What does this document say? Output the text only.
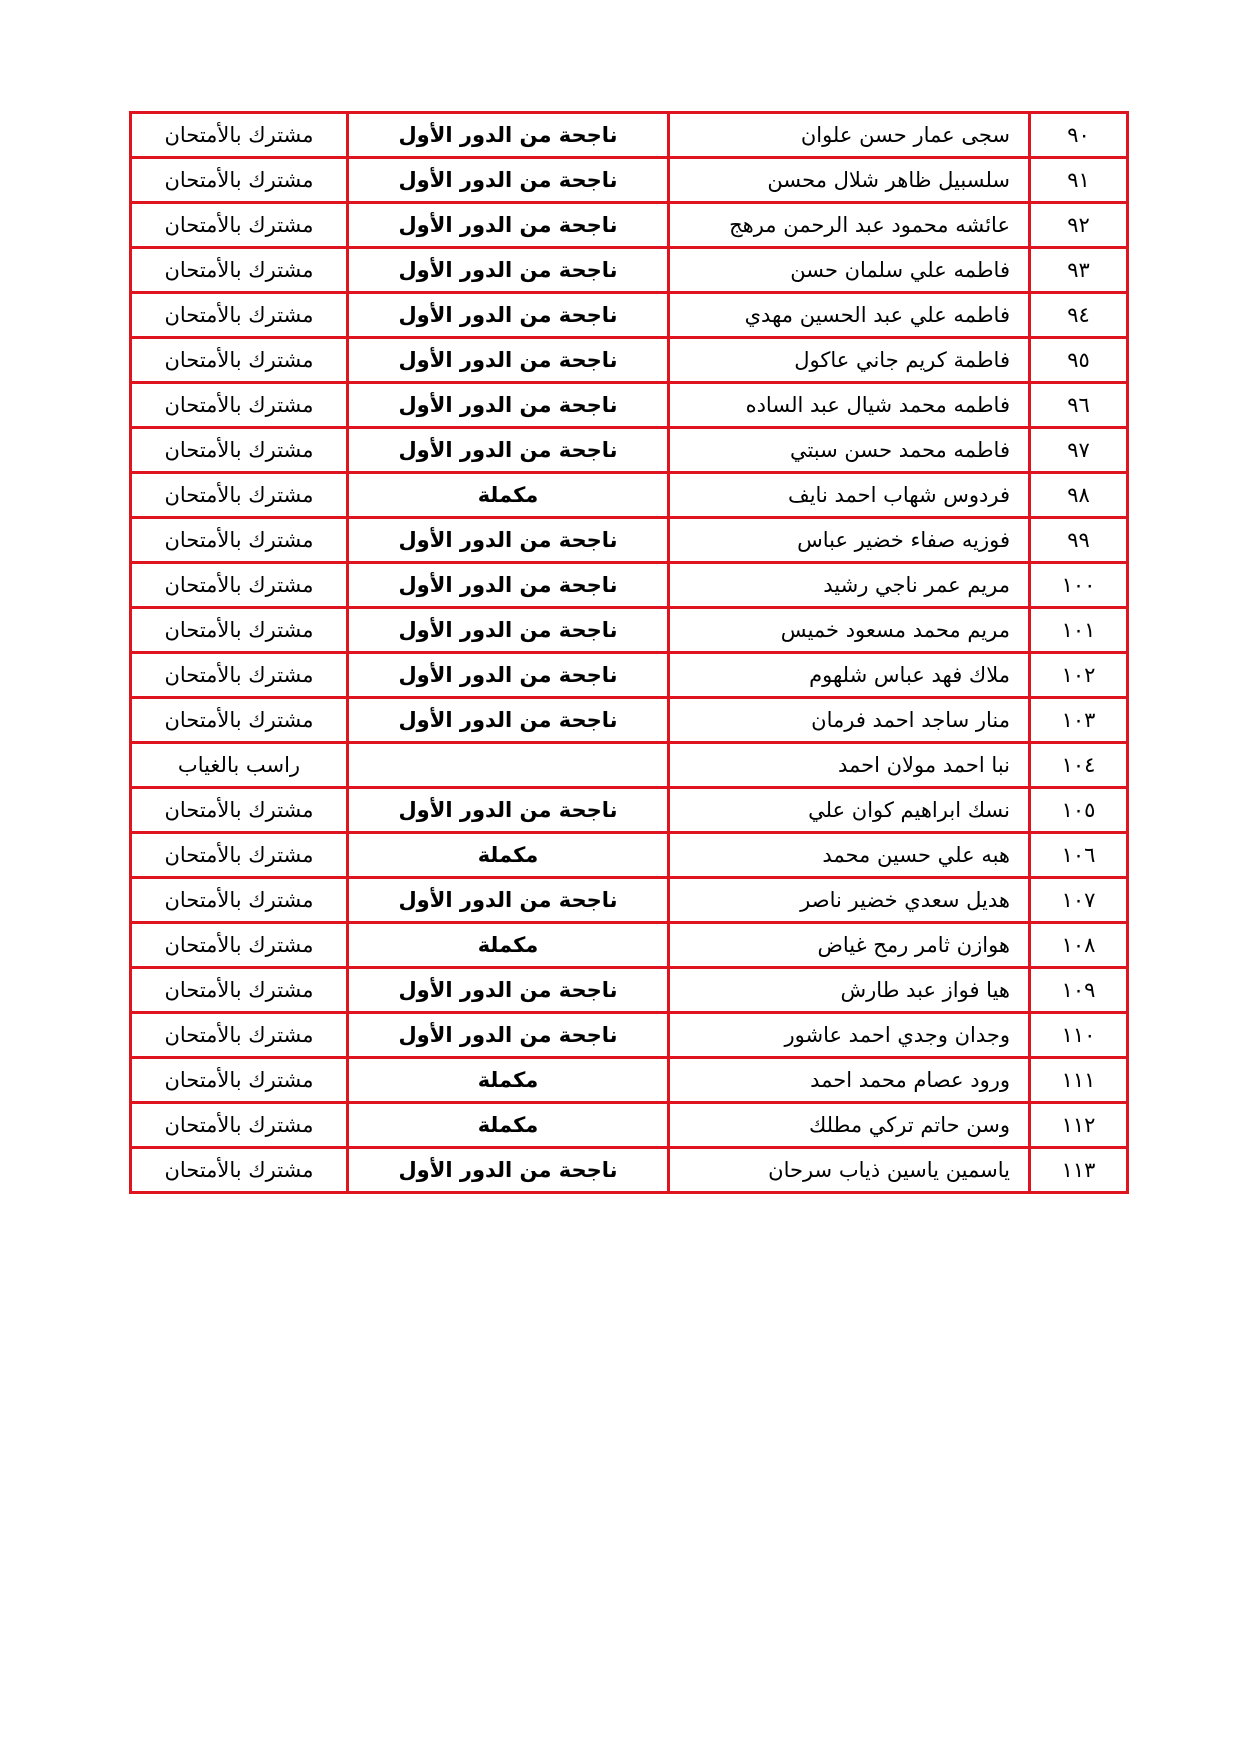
٩٠	سجى عمار حسن علوان	ناجحة من الدور الأول	مشترك بالأمتحان
٩١	سلسبيل ظاهر شلال محسن	ناجحة من الدور الأول	مشترك بالأمتحان
٩٢	عائشه محمود عبد الرحمن مرهج	ناجحة من الدور الأول	مشترك بالأمتحان
٩٣	فاطمه علي سلمان حسن	ناجحة من الدور الأول	مشترك بالأمتحان
٩٤	فاطمه علي عبد الحسين مهدي	ناجحة من الدور الأول	مشترك بالأمتحان
٩٥	فاطمة كريم جاني عاكول	ناجحة من الدور الأول	مشترك بالأمتحان
٩٦	فاطمه محمد شيال عبد الساده	ناجحة من الدور الأول	مشترك بالأمتحان
٩٧	فاطمه محمد حسن سبتي	ناجحة من الدور الأول	مشترك بالأمتحان
٩٨	فردوس شهاب احمد نايف	مكملة	مشترك بالأمتحان
٩٩	فوزيه صفاء خضير عباس	ناجحة من الدور الأول	مشترك بالأمتحان
١٠٠	مريم عمر ناجي رشيد	ناجحة من الدور الأول	مشترك بالأمتحان
١٠١	مريم محمد مسعود خميس	ناجحة من الدور الأول	مشترك بالأمتحان
١٠٢	ملاك فهد عباس شلهوم	ناجحة من الدور الأول	مشترك بالأمتحان
١٠٣	منار ساجد احمد فرمان	ناجحة من الدور الأول	مشترك بالأمتحان
١٠٤	نبا احمد مولان احمد		راسب بالغياب
١٠٥	نسك ابراهيم كوان علي	ناجحة من الدور الأول	مشترك بالأمتحان
١٠٦	هبه علي حسين محمد	مكملة	مشترك بالأمتحان
١٠٧	هديل سعدي خضير ناصر	ناجحة من الدور الأول	مشترك بالأمتحان
١٠٨	هوازن ثامر رمح غياض	مكملة	مشترك بالأمتحان
١٠٩	هيا فواز عبد طارش	ناجحة من الدور الأول	مشترك بالأمتحان
١١٠	وجدان وجدي احمد عاشور	ناجحة من الدور الأول	مشترك بالأمتحان
١١١	ورود عصام محمد احمد	مكملة	مشترك بالأمتحان
١١٢	وسن حاتم تركي مطلك	مكملة	مشترك بالأمتحان
١١٣	ياسمين ياسين ذياب سرحان	ناجحة من الدور الأول	مشترك بالأمتحان
